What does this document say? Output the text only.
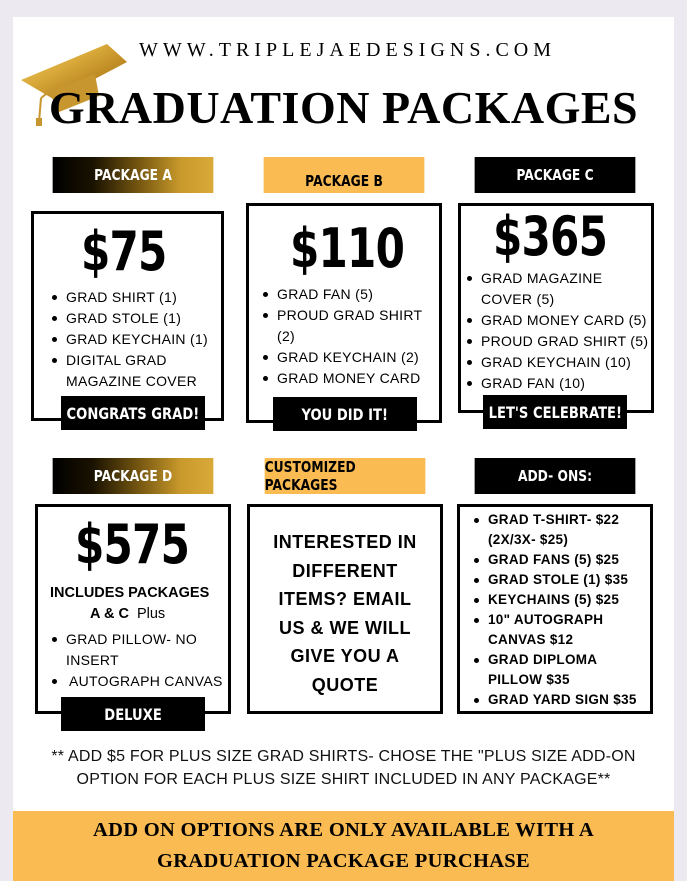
WWW.TRIPLEJAEDESIGNS.COM
GRADUATION PACKAGES
PACKAGE A
$75
GRAD SHIRT (1)
GRAD STOLE (1)
GRAD KEYCHAIN (1)
DIGITAL GRAD MAGAZINE COVER
CONGRATS GRAD!
PACKAGE B
$110
GRAD FAN (5)
PROUD GRAD SHIRT (2)
GRAD KEYCHAIN (2)
GRAD MONEY CARD
YOU DID IT!
PACKAGE C
$365
GRAD MAGAZINE COVER (5)
GRAD MONEY CARD (5)
PROUD GRAD SHIRT (5)
GRAD KEYCHAIN (10)
GRAD FAN (10)
LET'S CELEBRATE!
PACKAGE D
$575
INCLUDES PACKAGES
A & C Plus
GRAD PILLOW- NO INSERT
AUTOGRAPH CANVAS
DELUXE
CUSTOMIZED PACKAGES
INTERESTED IN
DIFFERENT
ITEMS? EMAIL
US & WE WILL
GIVE YOU A
QUOTE
ADD- ONS:
GRAD T-SHIRT- $22 (2X/3X- $25)
GRAD FANS (5) $25
GRAD STOLE (1) $35
KEYCHAINS (5) $25
10" AUTOGRAPH CANVAS $12
GRAD DIPLOMA PILLOW $35
GRAD YARD SIGN $35
** ADD $5 FOR PLUS SIZE GRAD SHIRTS- CHOSE THE "PLUS SIZE ADD-ON
OPTION FOR EACH PLUS SIZE SHIRT INCLUDED IN ANY PACKAGE**
ADD ON OPTIONS ARE ONLY AVAILABLE WITH A
GRADUATION PACKAGE PURCHASE
